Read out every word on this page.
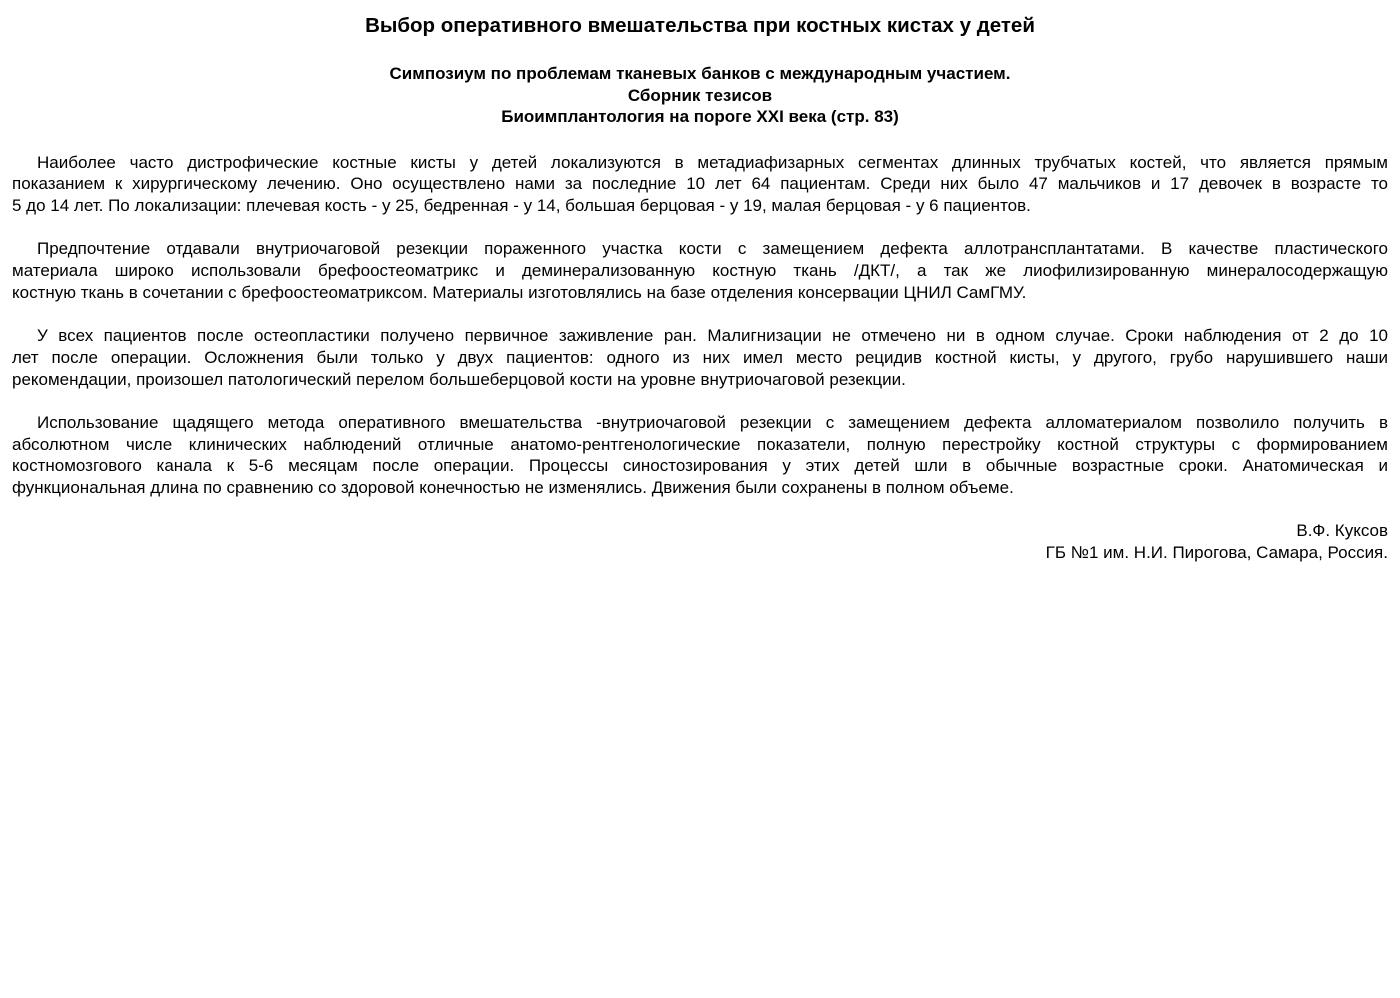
Выбор оперативного вмешательства при костных кистах у детей
Симпозиум по проблемам тканевых банков с международным участием.
Сборник тезисов
Биоимплантология на пороге XXI века (стр. 83)
Наиболее часто дистрофические костные кисты у детей локализуются в метадиафизарных сегментах длинных трубчатых костей, что является прямым
показанием к хирургическому лечению. Оно осуществлено нами за последние 10 лет 64 пациентам. Среди них было 47 мальчиков и 17 девочек в возрасте то
5 до 14 лет. По локализации: плечевая кость - у 25, бедренная - у 14, большая берцовая - у 19, малая берцовая - у 6 пациентов.
Предпочтение отдавали внутриочаговой резекции пораженного участка кости с замещением дефекта аллотрансплантатами. В качестве пластического
материала широко использовали брефоостеоматрикс и деминерализованную костную ткань /ДКТ/, а так же лиофилизированную минералосодержащую
костную ткань в сочетании с брефоостеоматриксом. Материалы изготовлялись на базе отделения консервации ЦНИЛ СамГМУ.
У всех пациентов после остеопластики получено первичное заживление ран. Малигнизации не отмечено ни в одном случае. Сроки наблюдения от 2 до 10
лет после операции. Осложнения были только у двух пациентов: одного из них имел место рецидив костной кисты, у другого, грубо нарушившего наши
рекомендации, произошел патологический перелом большеберцовой кости на уровне внутриочаговой резекции.
Использование щадящего метода оперативного вмешательства -внутриочаговой резекции с замещением дефекта алломатериалом позволило получить в
абсолютном числе клинических наблюдений отличные анатомо-рентгенологические показатели, полную перестройку костной структуры с формированием
костномозгового канала к 5-6 месяцам после операции. Процессы синостозирования у этих детей шли в обычные возрастные сроки. Анатомическая и
функциональная длина по сравнению со здоровой конечностью не изменялись. Движения были сохранены в полном объеме.
В.Ф. Куксов
ГБ №1 им. Н.И. Пирогова, Самара, Россия.
